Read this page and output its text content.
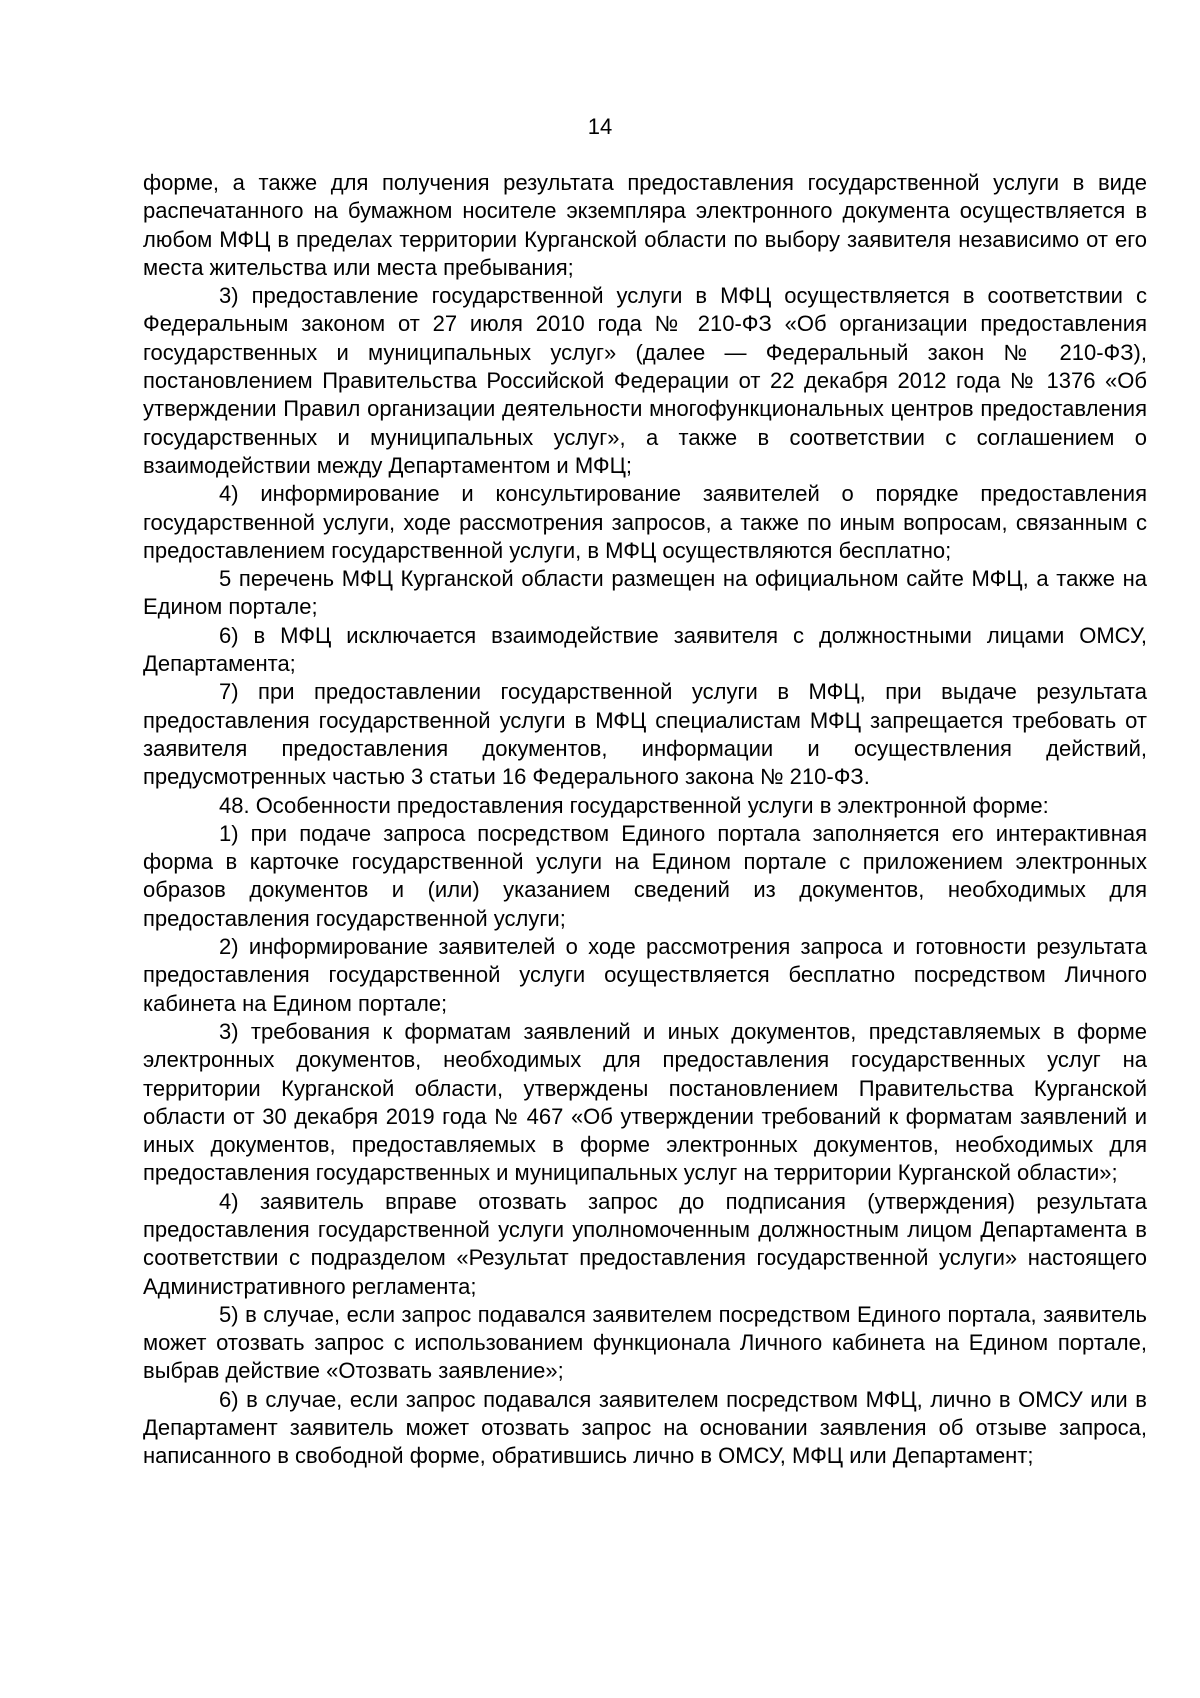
14

форме, а также для получения результата предоставления государственной услуги в виде распечатанного на бумажном носителе экземпляра электронного документа осуществляется в любом МФЦ в пределах территории Курганской области по выбору заявителя независимо от его места жительства или места пребывания;

3) предоставление государственной услуги в МФЦ осуществляется в соответствии с Федеральным законом от 27 июля 2010 года № 210-ФЗ «Об организации предоставления государственных и муниципальных услуг» (далее — Федеральный закон № 210-ФЗ), постановлением Правительства Российской Федерации от 22 декабря 2012 года № 1376 «Об утверждении Правил организации деятельности многофункциональных центров предоставления государственных и муниципальных услуг», а также в соответствии с соглашением о взаимодействии между Департаментом и МФЦ;

4) информирование и консультирование заявителей о порядке предоставления государственной услуги, ходе рассмотрения запросов, а также по иным вопросам, связанным с предоставлением государственной услуги, в МФЦ осуществляются бесплатно;

5 перечень МФЦ Курганской области размещен на официальном сайте МФЦ, а также на Едином портале;

6) в МФЦ исключается взаимодействие заявителя с должностными лицами ОМСУ, Департамента;

7) при предоставлении государственной услуги в МФЦ, при выдаче результата предоставления государственной услуги в МФЦ специалистам МФЦ запрещается требовать от заявителя предоставления документов, информации и осуществления действий, предусмотренных частью 3 статьи 16 Федерального закона № 210-ФЗ.

48. Особенности предоставления государственной услуги в электронной форме:

1) при подаче запроса посредством Единого портала заполняется его интерактивная форма в карточке государственной услуги на Едином портале с приложением электронных образов документов и (или) указанием сведений из документов, необходимых для предоставления государственной услуги;

2) информирование заявителей о ходе рассмотрения запроса и готовности результата предоставления государственной услуги осуществляется бесплатно посредством Личного кабинета на Едином портале;

3) требования к форматам заявлений и иных документов, представляемых в форме электронных документов, необходимых для предоставления государственных услуг на территории Курганской области, утверждены постановлением Правительства Курганской области от 30 декабря 2019 года № 467 «Об утверждении требований к форматам заявлений и иных документов, предоставляемых в форме электронных документов, необходимых для предоставления государственных и муниципальных услуг на территории Курганской области»;

4) заявитель вправе отозвать запрос до подписания (утверждения) результата предоставления государственной услуги уполномоченным должностным лицом Департамента в соответствии с подразделом «Результат предоставления государственной услуги» настоящего Административного регламента;

5) в случае, если запрос подавался заявителем посредством Единого портала, заявитель может отозвать запрос с использованием функционала Личного кабинета на Едином портале, выбрав действие «Отозвать заявление»;

6) в случае, если запрос подавался заявителем посредством МФЦ, лично в ОМСУ или в Департамент заявитель может отозвать запрос на основании заявления об отзыве запроса, написанного в свободной форме, обратившись лично в ОМСУ, МФЦ или Департамент;
